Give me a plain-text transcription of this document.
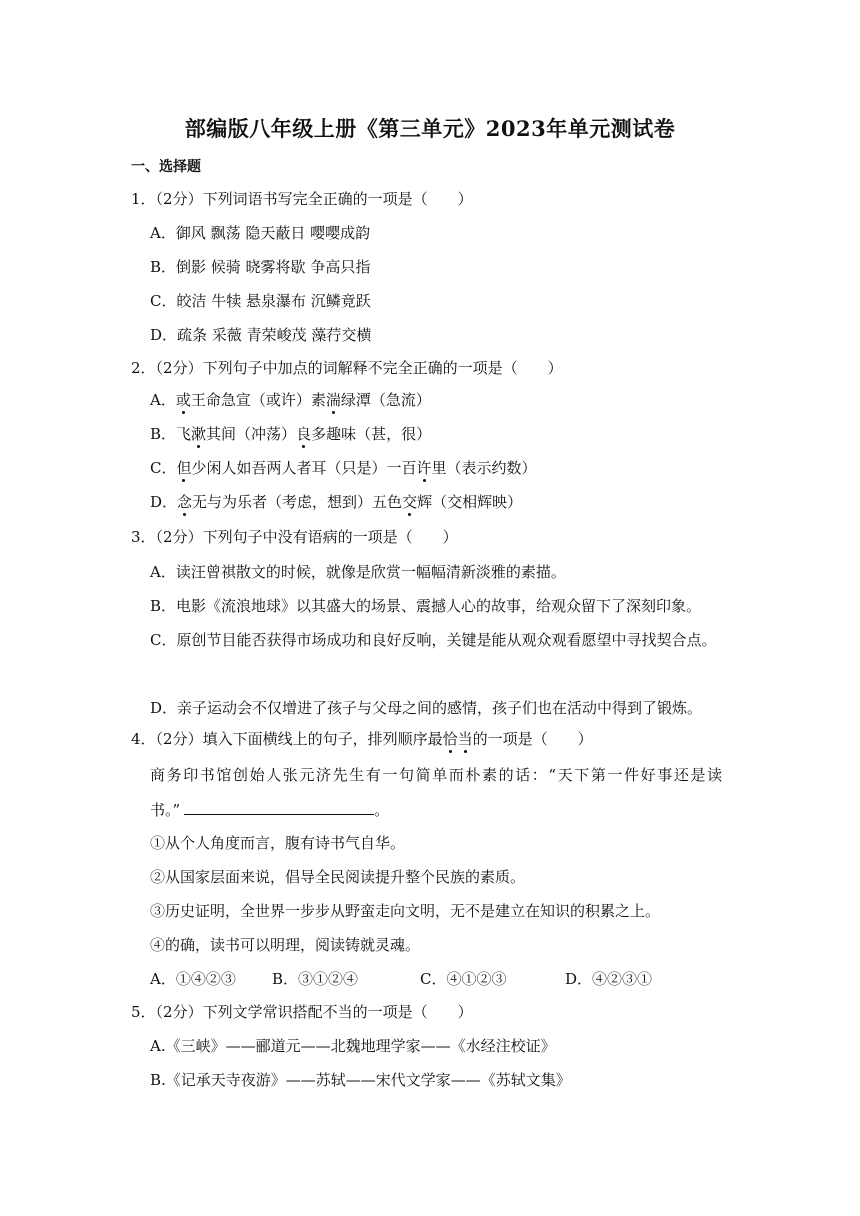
部编版八年级上册《第三单元》2023年单元测试卷
一、选择题
1．（2分）下列词语书写完全正确的一项是（　　）
A．御风 飘荡 隐天蔽日 嘤嘤成韵
B．倒影 候骑 晓雾将歇 争高只指
C．皎洁 牛犊 悬泉瀑布 沉鳞竟跃
D．疏条 采薇 青荣峻茂 藻荇交横
2．（2分）下列句子中加点的词解释不完全正确的一项是（　　）
A．或王命急宣（或许）素湍绿潭（急流）
B．飞漱其间（冲荡）良多趣味（甚，很）
C．但少闲人如吾两人者耳（只是）一百许里（表示约数）
D．念无与为乐者（考虑，想到）五色交辉（交相辉映）
3．（2分）下列句子中没有语病的一项是（　　）
A．读汪曾祺散文的时候，就像是欣赏一幅幅清新淡雅的素描。
B．电影《流浪地球》以其盛大的场景、震撼人心的故事，给观众留下了深刻印象。
C．原创节目能否获得市场成功和良好反响，关键是能从观众观看愿望中寻找契合点。
D．亲子运动会不仅增进了孩子与父母之间的感情，孩子们也在活动中得到了锻炼。
4．（2分）填入下面横线上的句子，排列顺序最恰当的一项是（　　）
商务印书馆创始人张元济先生有一句简单而朴素的话：“天下第一件好事还是读
书。”	。
①从个人角度而言，腹有诗书气自华。
②从国家层面来说，倡导全民阅读提升整个民族的素质。
③历史证明，全世界一步步从野蛮走向文明，无不是建立在知识的积累之上。
④的确，读书可以明理，阅读铸就灵魂。
A．①④②③ B．③①②④	C．④①②③	D．④②③①
5．（2分）下列文学常识搭配不当的一项是（　　）
A.《三峡》——郦道元——北魏地理学家——《水经注校证》
B.《记承天寺夜游》——苏轼——宋代文学家——《苏轼文集》
